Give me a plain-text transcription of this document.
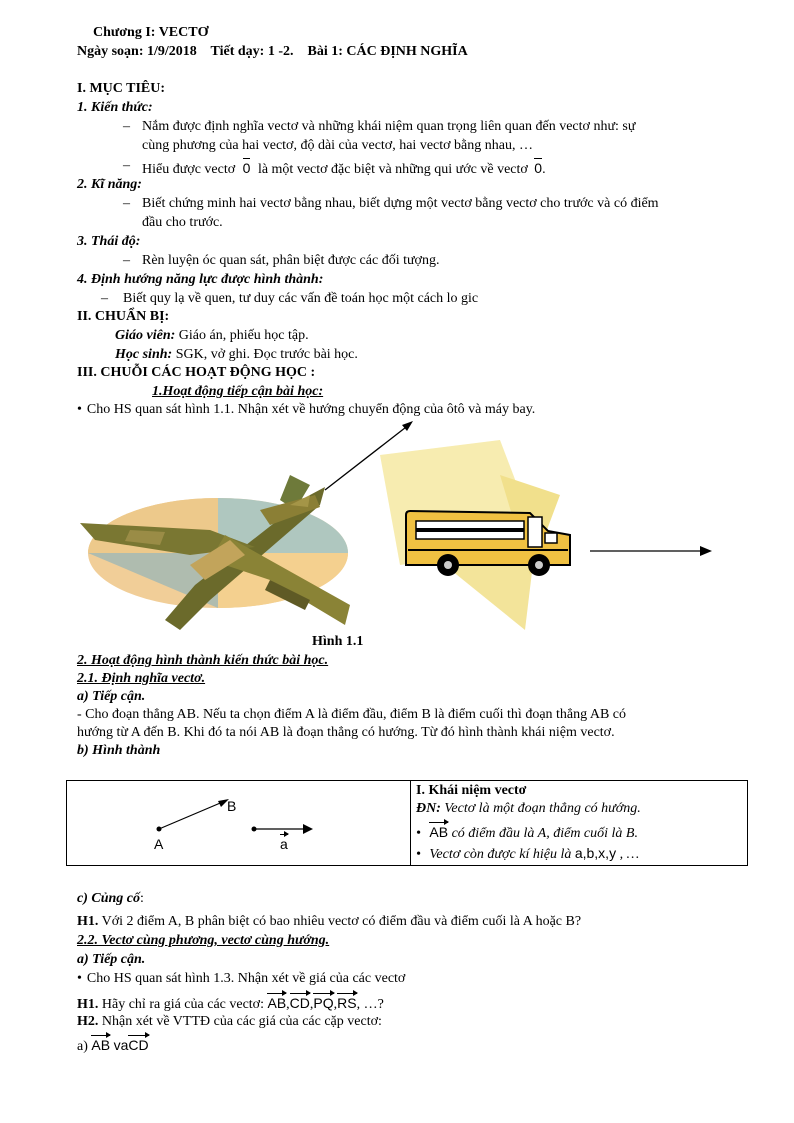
Chương I: VECTƠ
Ngày soạn: 1/9/2018    Tiết dạy: 1 -2.    Bài 1: CÁC ĐỊNH NGHĨA
I. MỤC TIÊU:
1. Kiến thức:
– Nắm được định nghĩa vectơ và những khái niệm quan trọng liên quan đến vectơ như: sự
cùng phương của hai vectơ, độ dài của vectơ, hai vectơ bằng nhau, …
– Hiểu được vectơ 0 là một vectơ đặc biệt và những qui ước về vectơ 0.
2. Kĩ năng:
– Biết chứng minh hai vectơ bằng nhau, biết dựng một vectơ bằng vectơ cho trước và có điểm
đầu cho trước.
3. Thái độ:
– Rèn luyện óc quan sát, phân biệt được các đối tượng.
4. Định hướng năng lực được hình thành:
– Biết quy lạ về quen, tư duy các vấn đề toán học một cách lo gic
II. CHUẨN BỊ:
Giáo viên: Giáo án, phiếu học tập.
Học sinh: SGK, vở ghi. Đọc trước bài học.
III. CHUỖI CÁC HOẠT ĐỘNG HỌC :
1.Hoạt động tiếp cận bài học:
• Cho HS quan sát hình 1.1. Nhận xét về hướng chuyển động của ôtô và máy bay.
Hình 1.1
2. Hoạt động hình thành kiến thức bài học.
2.1. Định nghĩa vectơ.
a) Tiếp cận.
- Cho đoạn thẳng AB. Nếu ta chọn điểm A là điểm đầu, điểm B là điểm cuối thì đoạn thẳng AB có
hướng từ A đến B. Khi đó ta nói AB là đoạn thẳng có hướng. Từ đó hình thành khái niệm vectơ.
b) Hình thành
A
B
a
I. Khái niệm vectơ
ĐN: Vectơ là một đoạn thẳng có hướng.
• AB có điểm đầu là A, điểm cuối là B.
• Vectơ còn được kí hiệu là a,b,x,y , …
c) Củng cố:
H1. Với 2 điểm A, B phân biệt có bao nhiêu vectơ có điểm đầu và điểm cuối là A hoặc B?
2.2. Vectơ cùng phương, vectơ cùng hướng.
a) Tiếp cận.
• Cho HS quan sát hình 1.3. Nhận xét về giá của các vectơ
H1. Hãy chỉ ra giá của các vectơ: AB,CD,PQ,RS, …?
H2. Nhận xét về VTTĐ của các giá của các cặp vectơ:
a) AB vaCD
